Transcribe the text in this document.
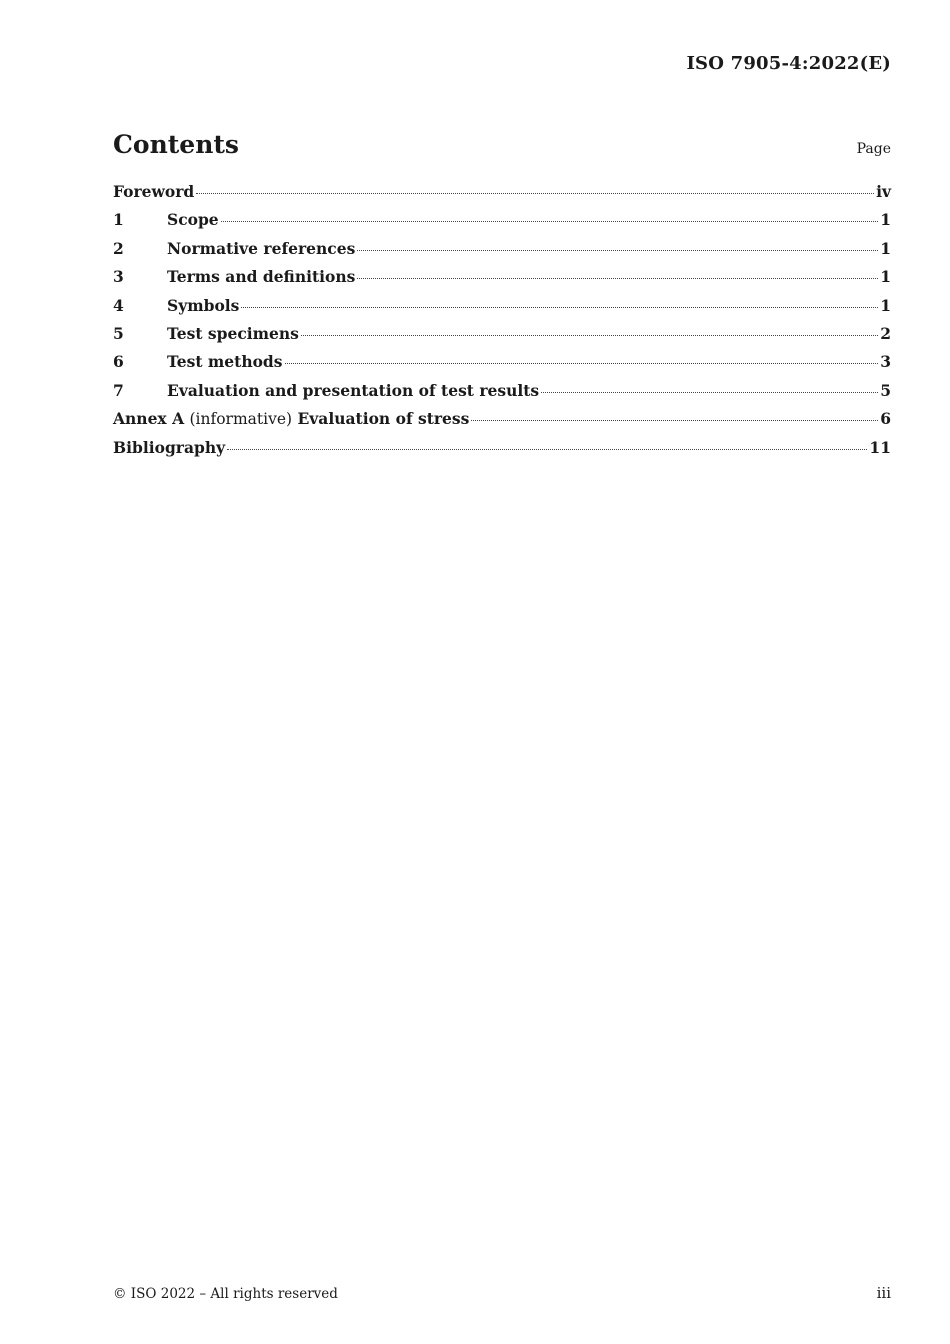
ISO 7905-4:2022(E)
Contents	Page
Foreword	iv
1	Scope	1
2	Normative references	1
3	Terms and definitions	1
4	Symbols	1
5	Test specimens	2
6	Test methods	3
7	Evaluation and presentation of test results	5
Annex A (informative) Evaluation of stress	6
Bibliography	11
© ISO 2022 – All rights reserved	iii
